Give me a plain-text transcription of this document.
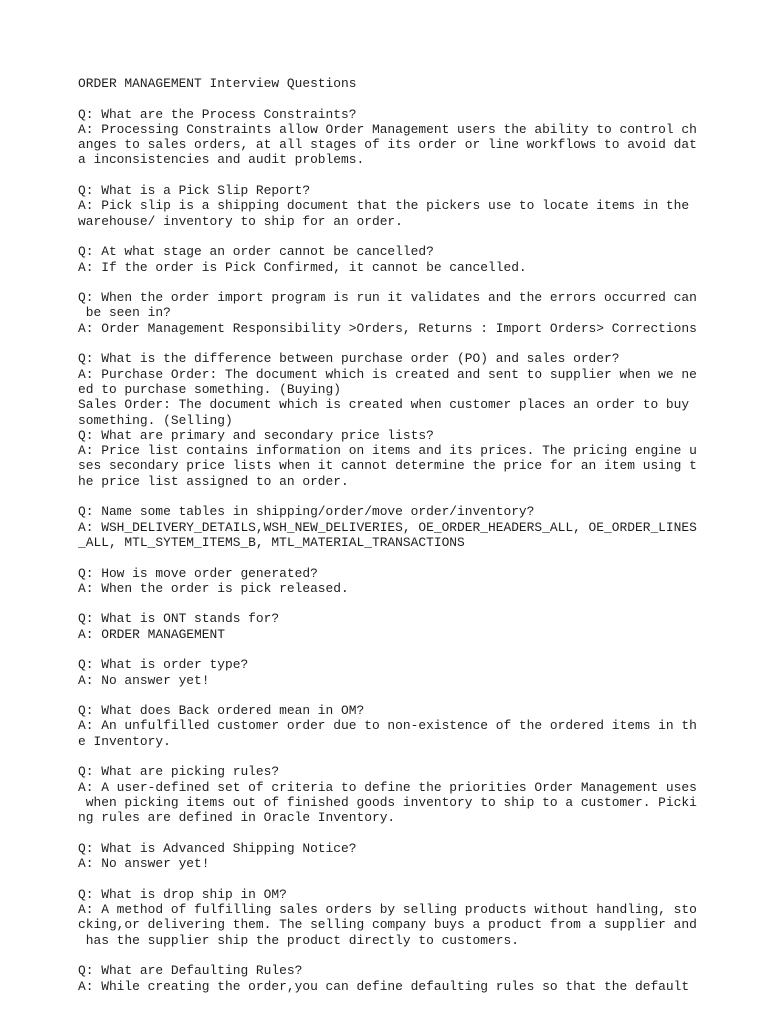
ORDER MANAGEMENT Interview Questions
Q: What are the Process Constraints?
A: Processing Constraints allow Order Management users the ability to control ch
anges to sales orders, at all stages of its order or line workflows to avoid dat
a inconsistencies and audit problems.
Q: What is a Pick Slip Report?
A: Pick slip is a shipping document that the pickers use to locate items in the
warehouse/ inventory to ship for an order.
Q: At what stage an order cannot be cancelled?
A: If the order is Pick Confirmed, it cannot be cancelled.
Q: When the order import program is run it validates and the errors occurred can
be seen in?
A: Order Management Responsibility >Orders, Returns : Import Orders> Corrections
Q: What is the difference between purchase order (PO) and sales order?
A: Purchase Order: The document which is created and sent to supplier when we ne
ed to purchase something. (Buying)
Sales Order: The document which is created when customer places an order to buy
something. (Selling)
Q: What are primary and secondary price lists?
A: Price list contains information on items and its prices. The pricing engine u
ses secondary price lists when it cannot determine the price for an item using t
he price list assigned to an order.
Q: Name some tables in shipping/order/move order/inventory?
A: WSH_DELIVERY_DETAILS,WSH_NEW_DELIVERIES, OE_ORDER_HEADERS_ALL, OE_ORDER_LINES
_ALL, MTL_SYTEM_ITEMS_B, MTL_MATERIAL_TRANSACTIONS
Q: How is move order generated?
A: When the order is pick released.
Q: What is ONT stands for?
A: ORDER MANAGEMENT
Q: What is order type?
A: No answer yet!
Q: What does Back ordered mean in OM?
A: An unfulfilled customer order due to non-existence of the ordered items in th
e Inventory.
Q: What are picking rules?
A: A user-defined set of criteria to define the priorities Order Management uses
when picking items out of finished goods inventory to ship to a customer. Picki
ng rules are defined in Oracle Inventory.
Q: What is Advanced Shipping Notice?
A: No answer yet!
Q: What is drop ship in OM?
A: A method of fulfilling sales orders by selling products without handling, sto
cking,or delivering them. The selling company buys a product from a supplier and
has the supplier ship the product directly to customers.
Q: What are Defaulting Rules?
A: While creating the order,you can define defaulting rules so that the default
